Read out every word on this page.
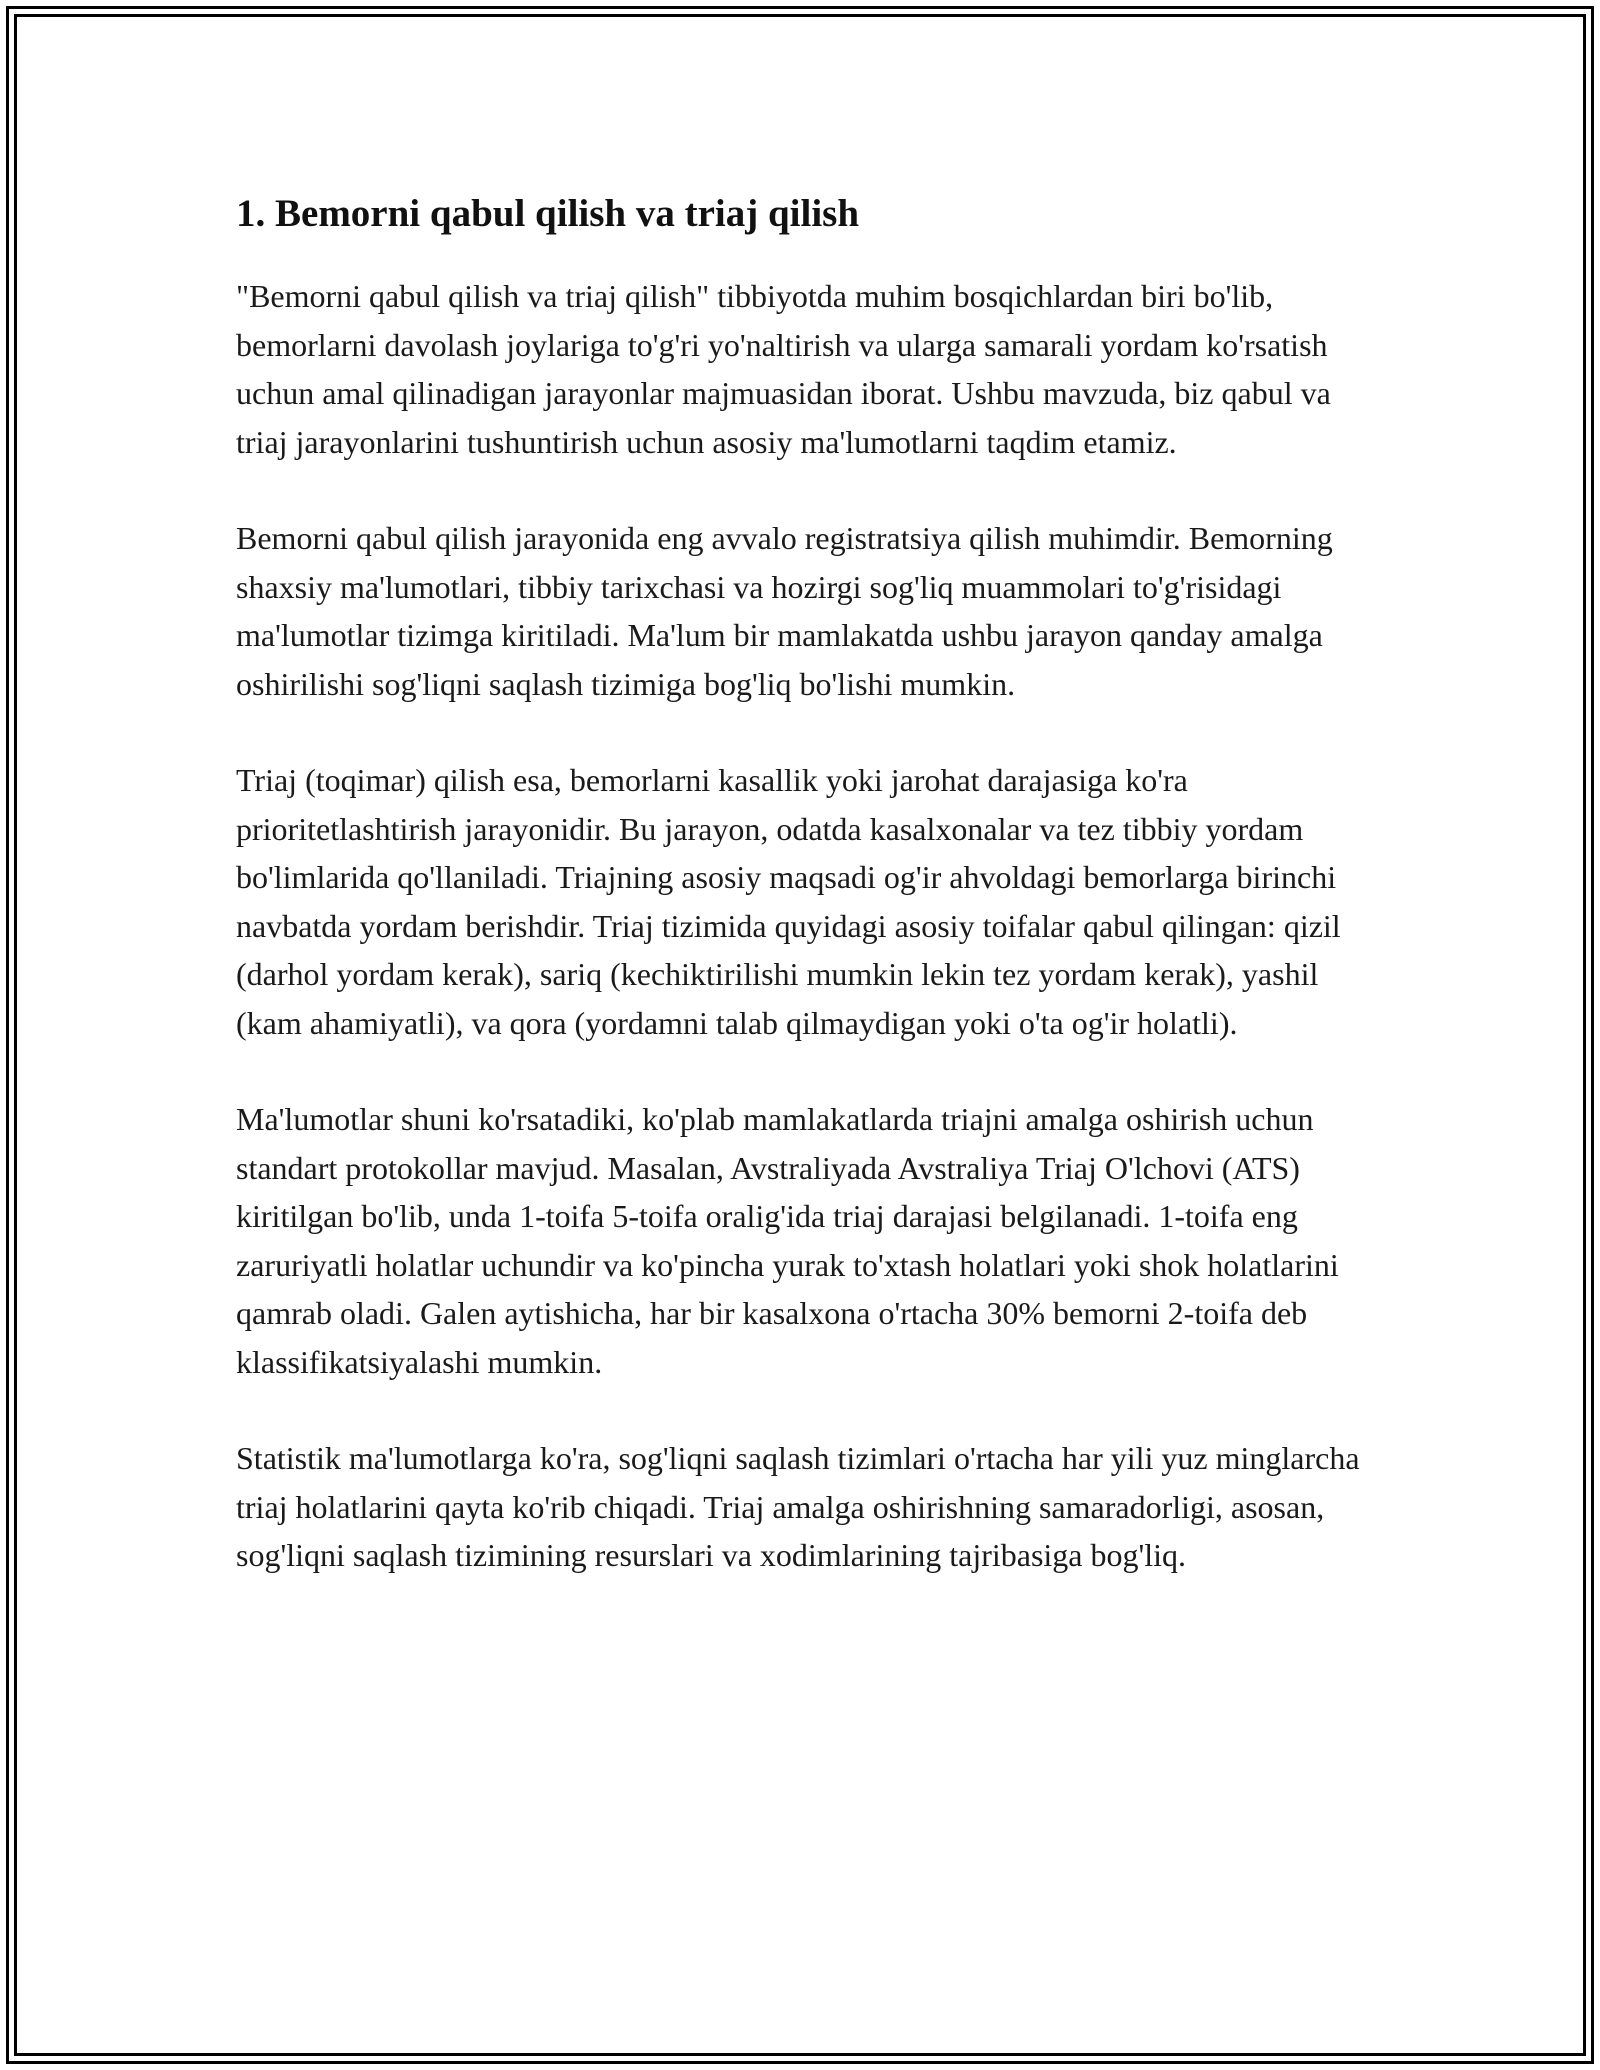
1. Bemorni qabul qilish va triaj qilish

"Bemorni qabul qilish va triaj qilish" tibbiyotda muhim bosqichlardan biri bo'lib, bemorlarni davolash joylariga to'g'ri yo'naltirish va ularga samarali yordam ko'rsatish uchun amal qilinadigan jarayonlar majmuasidan iborat. Ushbu mavzuda, biz qabul va triaj jarayonlarini tushuntirish uchun asosiy ma'lumotlarni taqdim etamiz.

Bemorni qabul qilish jarayonida eng avvalo registratsiya qilish muhimdir. Bemorning shaxsiy ma'lumotlari, tibbiy tarixchasi va hozirgi sog'liq muammolari to'g'risidagi ma'lumotlar tizimga kiritiladi. Ma'lum bir mamlakatda ushbu jarayon qanday amalga oshirilishi sog'liqni saqlash tizimiga bog'liq bo'lishi mumkin.

Triaj (toqimar) qilish esa, bemorlarni kasallik yoki jarohat darajasiga ko'ra prioritetlashtirish jarayonidir. Bu jarayon, odatda kasalxonalar va tez tibbiy yordam bo'limlarida qo'llaniladi. Triajning asosiy maqsadi og'ir ahvoldagi bemorlarga birinchi navbatda yordam berishdir. Triaj tizimida quyidagi asosiy toifalar qabul qilingan: qizil (darhol yordam kerak), sariq (kechiktirilishi mumkin lekin tez yordam kerak), yashil (kam ahamiyatli), va qora (yordamni talab qilmaydigan yoki o'ta og'ir holatli).

Ma'lumotlar shuni ko'rsatadiki, ko'plab mamlakatlarda triajni amalga oshirish uchun standart protokollar mavjud. Masalan, Avstraliyada Avstraliya Triaj O'lchovi (ATS) kiritilgan bo'lib, unda 1-toifa 5-toifa oralig'ida triaj darajasi belgilanadi. 1-toifa eng zaruriyatli holatlar uchundir va ko'pincha yurak to'xtash holatlari yoki shok holatlarini qamrab oladi. Galen aytishicha, har bir kasalxona o'rtacha 30% bemorni 2-toifa deb klassifikatsiyalashi mumkin.

Statistik ma'lumotlarga ko'ra, sog'liqni saqlash tizimlari o'rtacha har yili yuz minglarcha triaj holatlarini qayta ko'rib chiqadi. Triaj amalga oshirishning samaradorligi, asosan, sog'liqni saqlash tizimining resurslari va xodimlarining tajribasiga bog'liq.
